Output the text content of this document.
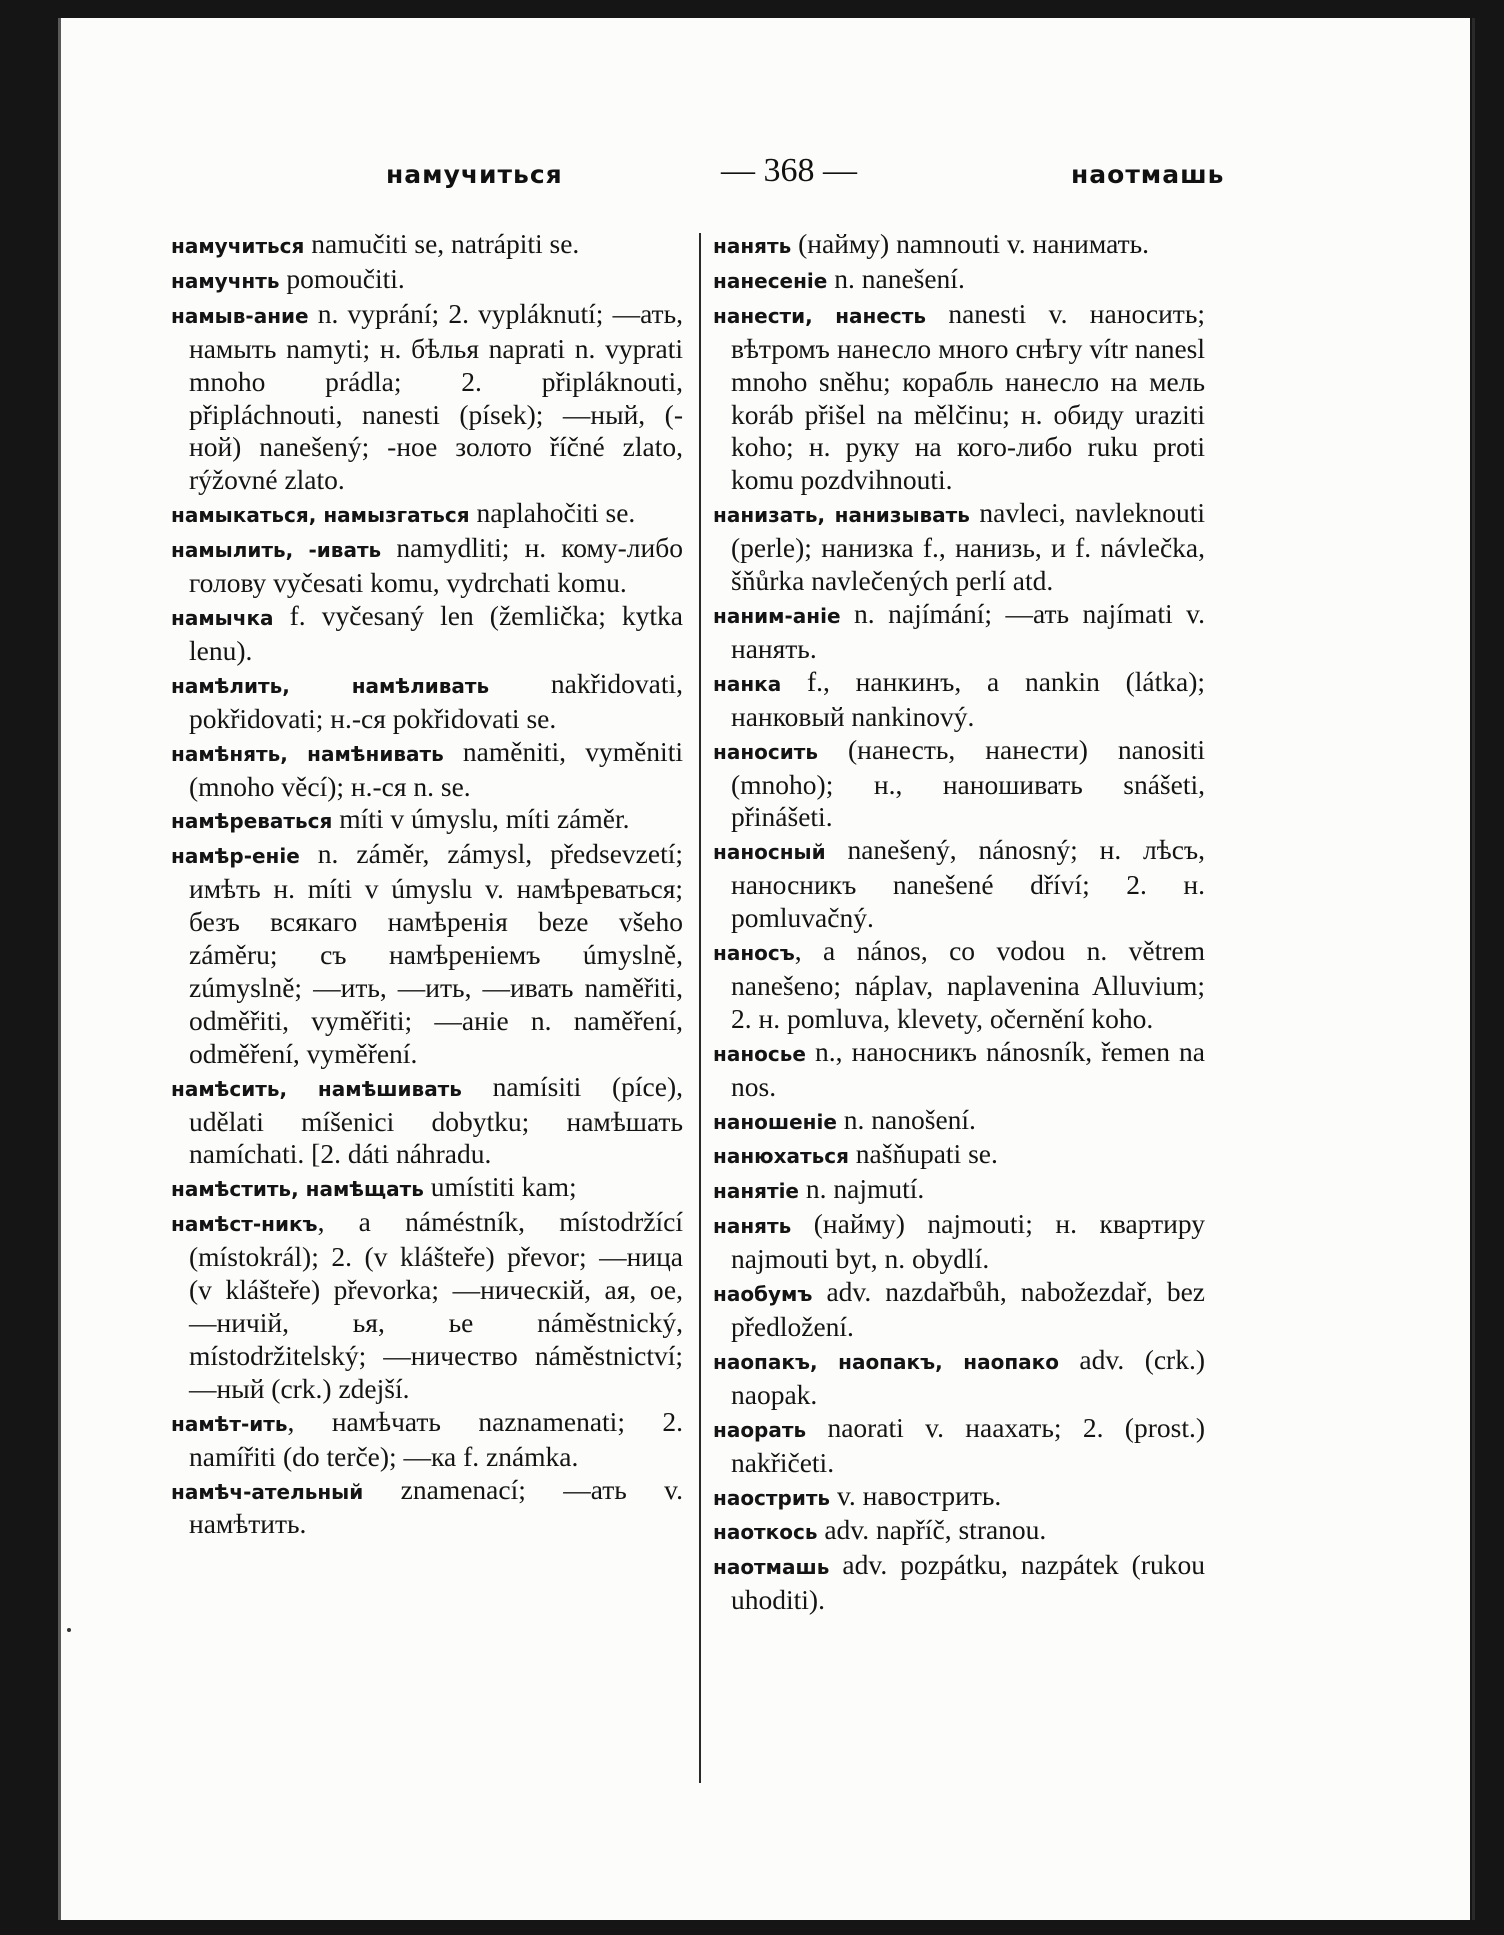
намучиться	— 368 —	наотмашь

намучиться namučiti se, natrápiti se.

намучнть pomoučiti.

намыв-ание n. vyprání; 2. vypláknutí; —ать, намыть namyti; н. бѣлья naprati n. vyprati mnoho prádla; 2. připláknouti, připláchnouti, nanesti (písek); —ный, (-ной) nanešený; -ное золото říčné zlato, rýžovné zlato.

намыкаться, намызгаться naplahočiti se.

намылить, -ивать namydliti; н. кому-либо голову vyčesati komu, vydrchati komu.

намычка f. vyčesaný len (žemlička; kytka lenu).

намѣлить, намѣливать nakřidovati, pokřidovati; н.-ся pokřidovati se.

намѣнять, намѣнивать naměniti, vyměniti (mnoho věcí); н.-ся n. se.

намѣреваться míti v úmyslu, míti záměr.

намѣр-еніе n. záměr, zámysl, předsevzetí; имѣть н. míti v úmyslu v. намѣреваться; безъ всякаго намѣренія beze všeho záměru; съ намѣреніемъ úmyslně, zúmyslně; —ить, —ить, —ивать naměřiti, odměřiti, vyměřiti; —аніе n. naměření, odměření, vyměření.

намѣсить, намѣшивать namísiti (píce), udělati míšenici dobytku; намѣшать namíchati. [2. dáti náhradu.

намѣстить, намѣщать umístiti kam;

намѣст-никъ, a náméstník, místodržící (místokrál); 2. (v klášteře) převor; —ница (v klášteře) převorka; —ническій, ая, ое, —ничій, ья, ье náměstnický, místodržitelský; —ничество náměstnictví; —ный (crk.) zdejší.

намѣт-ить, намѣчать naznamenati; 2. namířiti (do terče); —ка f. známka.

намѣч-ательный znamenací; —ать v. намѣтить.

нанять (найму) namnouti v. нанимать.

нанесеніе n. nanešení.

нанести, нанесть nanesti v. наносить; вѣтромъ нанесло много снѣгу vítr nanesl mnoho sněhu; корабль нанесло на мель koráb přišel na mělčinu; н. обиду uraziti koho; н. руку на кого-либо ruku proti komu pozdvihnouti.

нанизать, нанизывать navleci, navleknouti (perle); нанизка f., нанизь, и f. návlečka, šňůrka navlečených perlí atd.

наним-аніе n. najímání; —ать najímati v. нанять.

нанка f., нанкинъ, a nankin (látka); нанковый nankinový.

наносить (нанесть, нанести) nanositi (mnoho); н., наношивать snášeti, přinášeti.

наносный nanešený, nánosný; н. лѣсъ, наносникъ nanešené dříví; 2. н. pomluvačný.

наносъ, a nános, co vodou n. větrem nanešeno; náplav, naplavenina Alluvium; 2. н. pomluva, klevety, očernění koho.

наносье n., наносникъ nánosník, řemen na nos.

наношеніе n. nanošení.

нанюхаться našňupati se.

нанятіе n. najmutí.

нанять (найму) najmouti; н. квартиру najmouti byt, n. obydlí.

наобумъ adv. nazdařbůh, nabožezdař, bez předložení.

наопакъ, наопакъ, наопако adv. (crk.) naopak.

наорать naorati v. наахать; 2. (prost.) nakřičeti.

наострить v. навострить.

наоткось adv. napříč, stranou.

наотмашь adv. pozpátku, nazpátek (rukou uhoditi).
